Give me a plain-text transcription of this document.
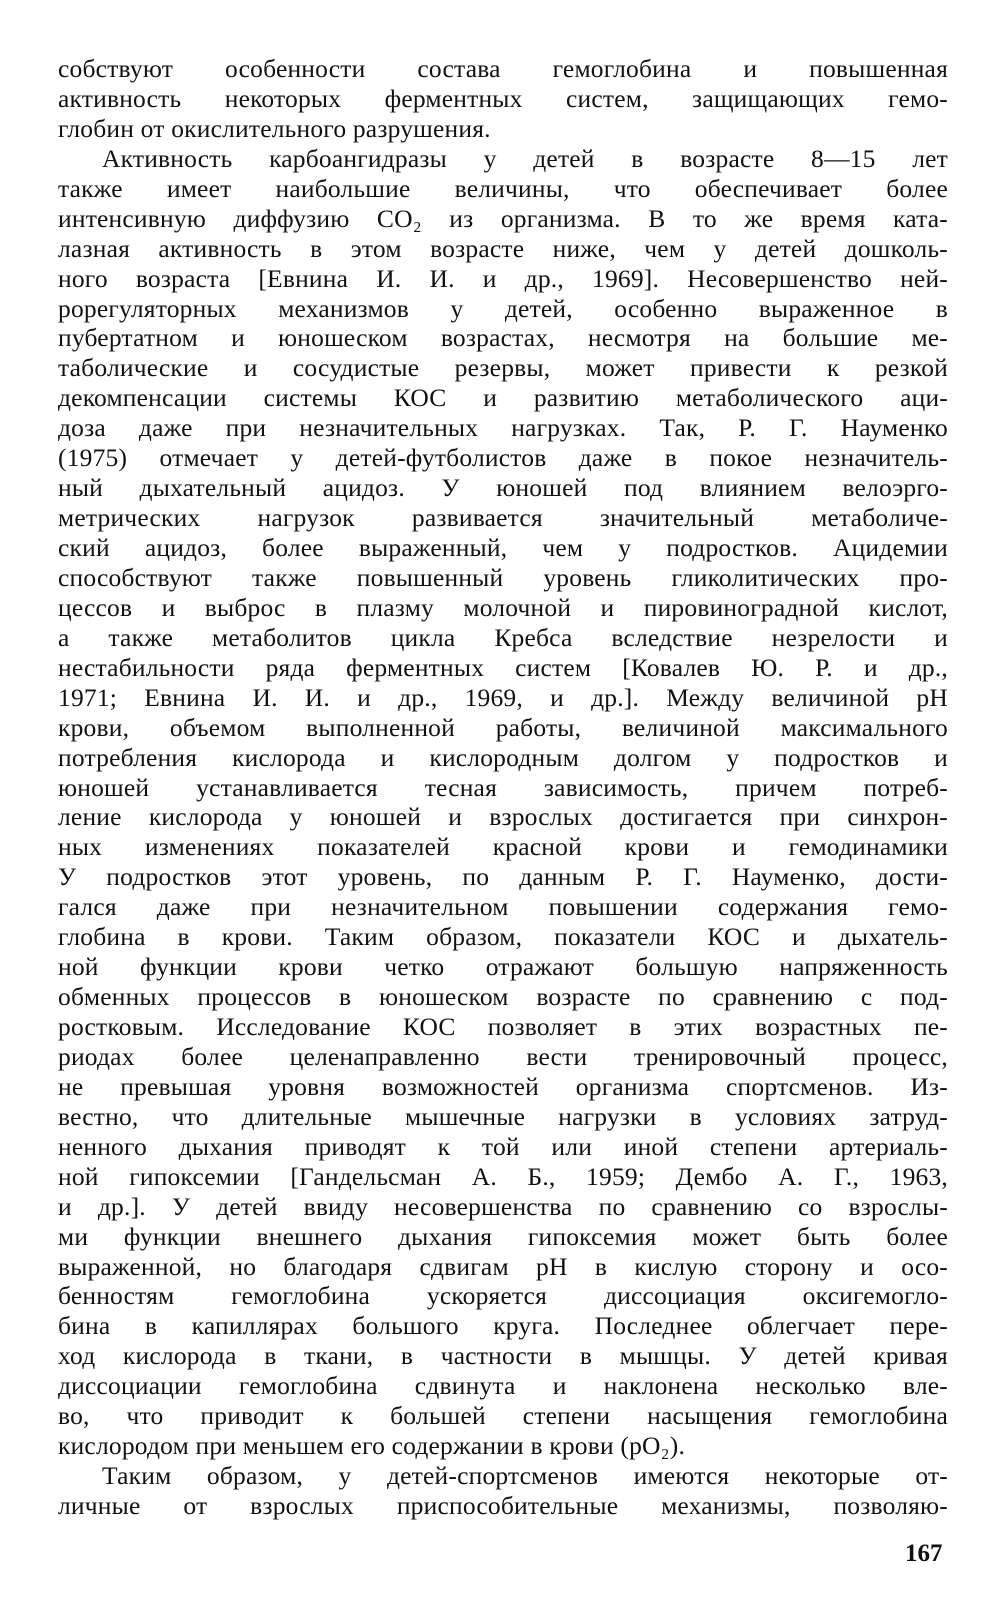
собствуют особенности состава гемоглобина и повышенная
активность некоторых ферментных систем, защищающих гемо-
глобин от окислительного разрушения.
Активность карбоангидразы у детей в возрасте 8—15 лет
также имеет наибольшие величины, что обеспечивает более
интенсивную диффузию CO₂ из организма. В то же время ката-
лазная активность в этом возрасте ниже, чем у детей дошколь-
ного возраста [Евнина И. И. и др., 1969]. Несовершенство ней-
рорегуляторных механизмов у детей, особенно выраженное в
пубертатном и юношеском возрастах, несмотря на большие ме-
таболические и сосудистые резервы, может привести к резкой
декомпенсации системы КОС и развитию метаболического аци-
доза даже при незначительных нагрузках. Так, Р. Г. Науменко
(1975) отмечает у детей-футболистов даже в покое незначитель-
ный дыхательный ацидоз. У юношей под влиянием велоэрго-
метрических нагрузок развивается значительный метаболиче-
ский ацидоз, более выраженный, чем у подростков. Ацидемии
способствуют также повышенный уровень гликолитических про-
цессов и выброс в плазму молочной и пировиноградной кислот,
а также метаболитов цикла Кребса вследствие незрелости и
нестабильности ряда ферментных систем [Ковалев Ю. Р. и др.,
1971; Евнина И. И. и др., 1969, и др.]. Между величиной pH
крови, объемом выполненной работы, величиной максимального
потребления кислорода и кислородным долгом у подростков и
юношей устанавливается тесная зависимость, причем потреб-
ление кислорода у юношей и взрослых достигается при синхрон-
ных изменениях показателей красной крови и гемодинамики
У подростков этот уровень, по данным Р. Г. Науменко, дости-
гался даже при незначительном повышении содержания гемо-
глобина в крови. Таким образом, показатели КОС и дыхатель-
ной функции крови четко отражают большую напряженность
обменных процессов в юношеском возрасте по сравнению с под-
ростковым. Исследование КОС позволяет в этих возрастных пе-
риодах более целенаправленно вести тренировочный процесс,
не превышая уровня возможностей организма спортсменов. Из-
вестно, что длительные мышечные нагрузки в условиях затруд-
ненного дыхания приводят к той или иной степени артериаль-
ной гипоксемии [Гандельсман А. Б., 1959; Дембо А. Г., 1963,
и др.]. У детей ввиду несовершенства по сравнению со взрослы-
ми функции внешнего дыхания гипоксемия может быть более
выраженной, но благодаря сдвигам pH в кислую сторону и осо-
бенностям гемоглобина ускоряется диссоциация оксигемогло-
бина в капиллярах большого круга. Последнее облегчает пере-
ход кислорода в ткани, в частности в мышцы. У детей кривая
диссоциации гемоглобина сдвинута и наклонена несколько вле-
во, что приводит к большей степени насыщения гемоглобина
кислородом при меньшем его содержании в крови (pO₂).
Таким образом, у детей-спортсменов имеются некоторые от-
личные от взрослых приспособительные механизмы, позволяю-
167
